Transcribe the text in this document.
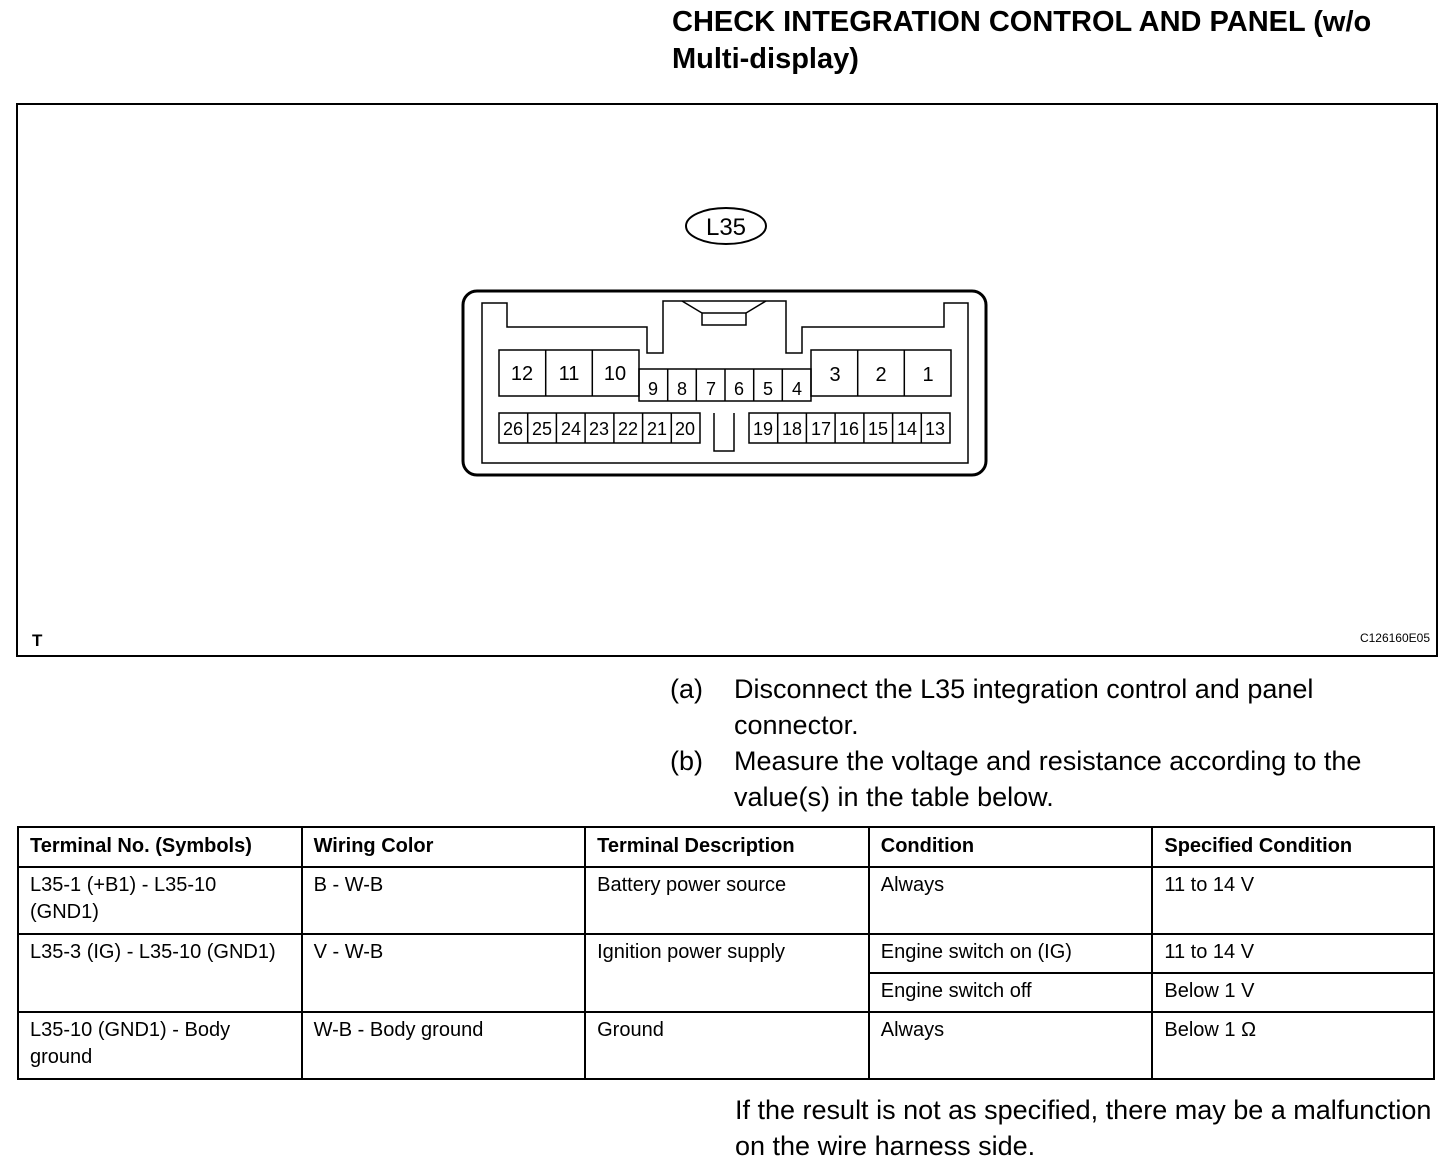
CHECK INTEGRATION CONTROL AND PANEL (w/o Multi-display)
L35
12 11 10
9 8 7 6 5 4
3 2 1
26 25 24 23 22 21 20	19 18 17 16 15 14 13
T	C126160E05
(a)	Disconnect the L35 integration control and panel connector.
(b)	Measure the voltage and resistance according to the value(s) in the table below.
Terminal No. (Symbols)	Wiring Color	Terminal Description	Condition	Specified Condition
L35-1 (+B1) - L35-10 (GND1)	B - W-B	Battery power source	Always	11 to 14 V
L35-3 (IG) - L35-10 (GND1)	V - W-B	Ignition power supply	Engine switch on (IG)	11 to 14 V
			Engine switch off	Below 1 V
L35-10 (GND1) - Body ground	W-B - Body ground	Ground	Always	Below 1 Ω
If the result is not as specified, there may be a malfunction on the wire harness side.
